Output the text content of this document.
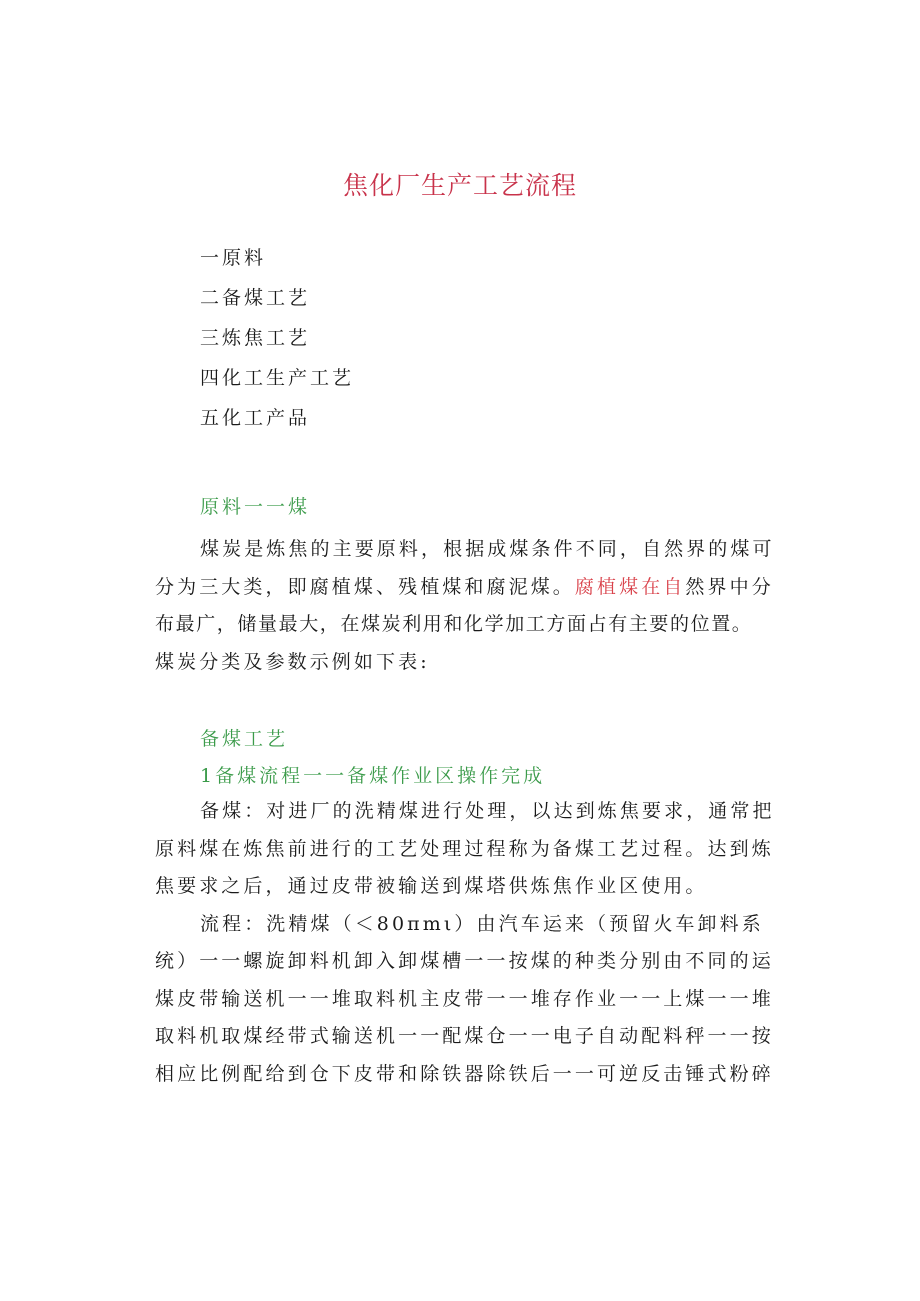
焦化厂生产工艺流程
一原料
二备煤工艺
三炼焦工艺
四化工生产工艺
五化工产品

原料一一煤

煤炭是炼焦的主要原料，根据成煤条件不同，自然界的煤可
分为三大类，即腐植煤、残植煤和腐泥煤。腐植煤在自然界中分
布最广，储量最大，在煤炭利用和化学加工方面占有主要的位置。
煤炭分类及参数示例如下表:

备煤工艺

1备煤流程一一备煤作业区操作完成

备煤：对进厂的洗精煤进行处理，以达到炼焦要求，通常把
原料煤在炼焦前进行的工艺处理过程称为备煤工艺过程。达到炼
焦要求之后，通过皮带被输送到煤塔供炼焦作业区使用。

流程：洗精煤（＜80πmι）由汽车运来（预留火车卸料系
统）一一螺旋卸料机卸入卸煤槽一一按煤的种类分别由不同的运
煤皮带输送机一一堆取料机主皮带一一堆存作业一一上煤一一堆
取料机取煤经带式输送机一一配煤仓一一电子自动配料秤一一按
相应比例配给到仓下皮带和除铁器除铁后一一可逆反击锤式粉碎
